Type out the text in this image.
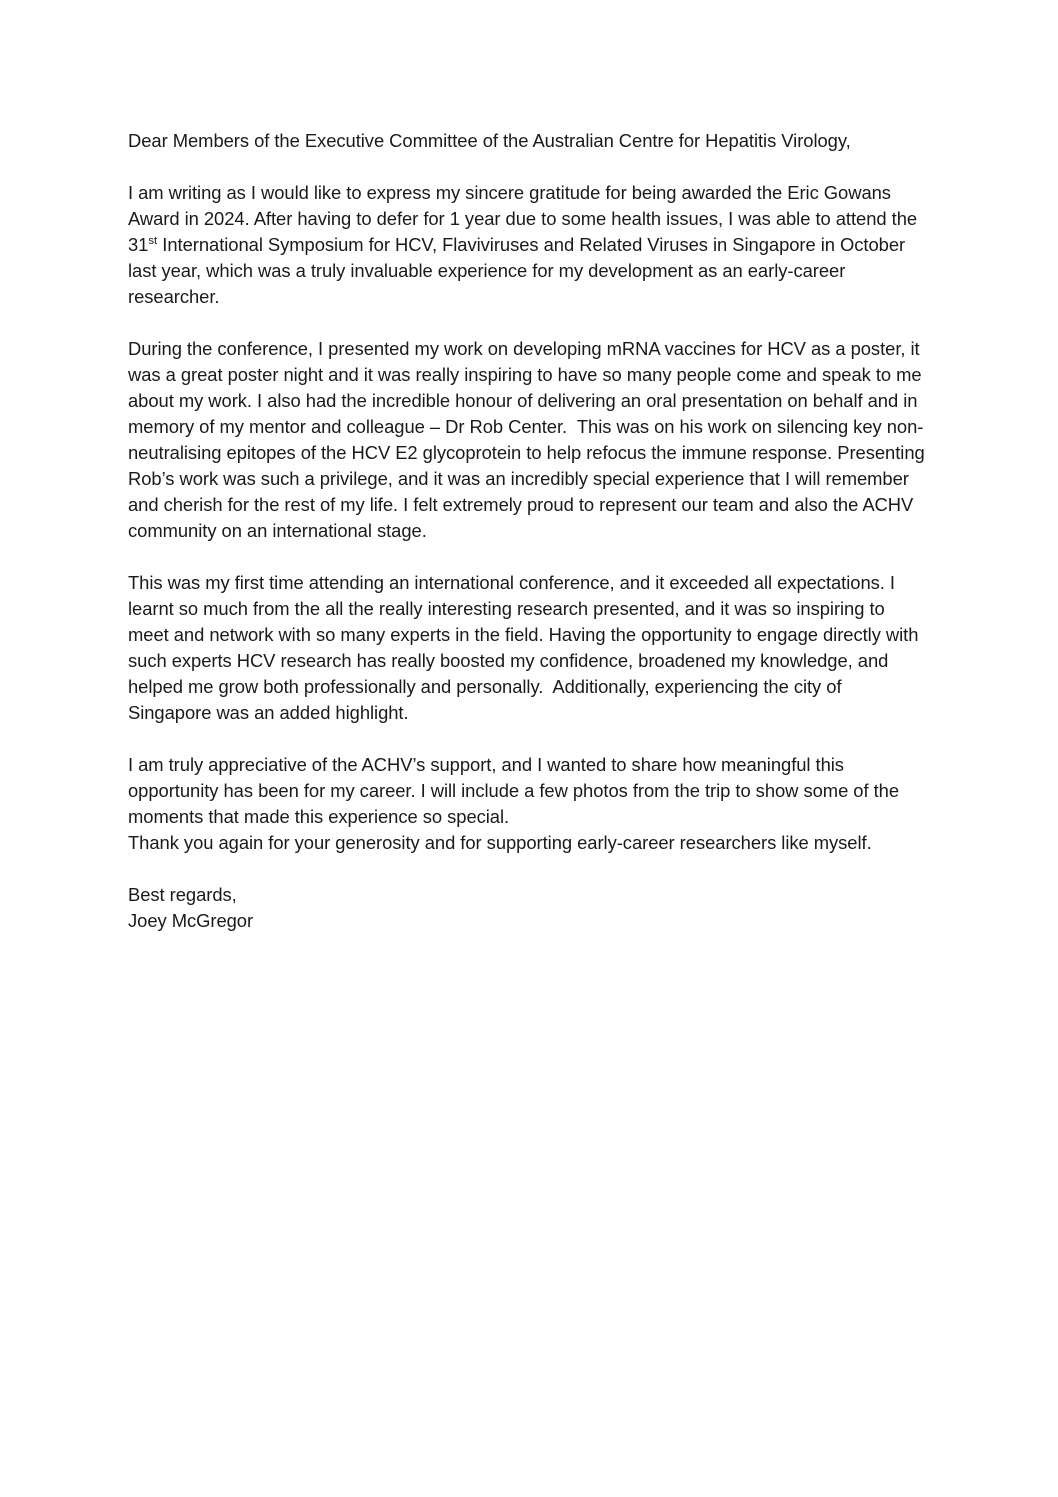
Dear Members of the Executive Committee of the Australian Centre for Hepatitis Virology,

I am writing as I would like to express my sincere gratitude for being awarded the Eric Gowans Award in 2024. After having to defer for 1 year due to some health issues, I was able to attend the 31st International Symposium for HCV, Flaviviruses and Related Viruses in Singapore in October last year, which was a truly invaluable experience for my development as an early-career researcher.

During the conference, I presented my work on developing mRNA vaccines for HCV as a poster, it was a great poster night and it was really inspiring to have so many people come and speak to me about my work. I also had the incredible honour of delivering an oral presentation on behalf and in memory of my mentor and colleague – Dr Rob Center.  This was on his work on silencing key non-neutralising epitopes of the HCV E2 glycoprotein to help refocus the immune response. Presenting Rob’s work was such a privilege, and it was an incredibly special experience that I will remember and cherish for the rest of my life. I felt extremely proud to represent our team and also the ACHV community on an international stage.

This was my first time attending an international conference, and it exceeded all expectations. I learnt so much from the all the really interesting research presented, and it was so inspiring to meet and network with so many experts in the field. Having the opportunity to engage directly with such experts HCV research has really boosted my confidence, broadened my knowledge, and helped me grow both professionally and personally.  Additionally, experiencing the city of Singapore was an added highlight.

I am truly appreciative of the ACHV’s support, and I wanted to share how meaningful this opportunity has been for my career. I will include a few photos from the trip to show some of the moments that made this experience so special.

Thank you again for your generosity and for supporting early-career researchers like myself.

Best regards,
Joey McGregor
